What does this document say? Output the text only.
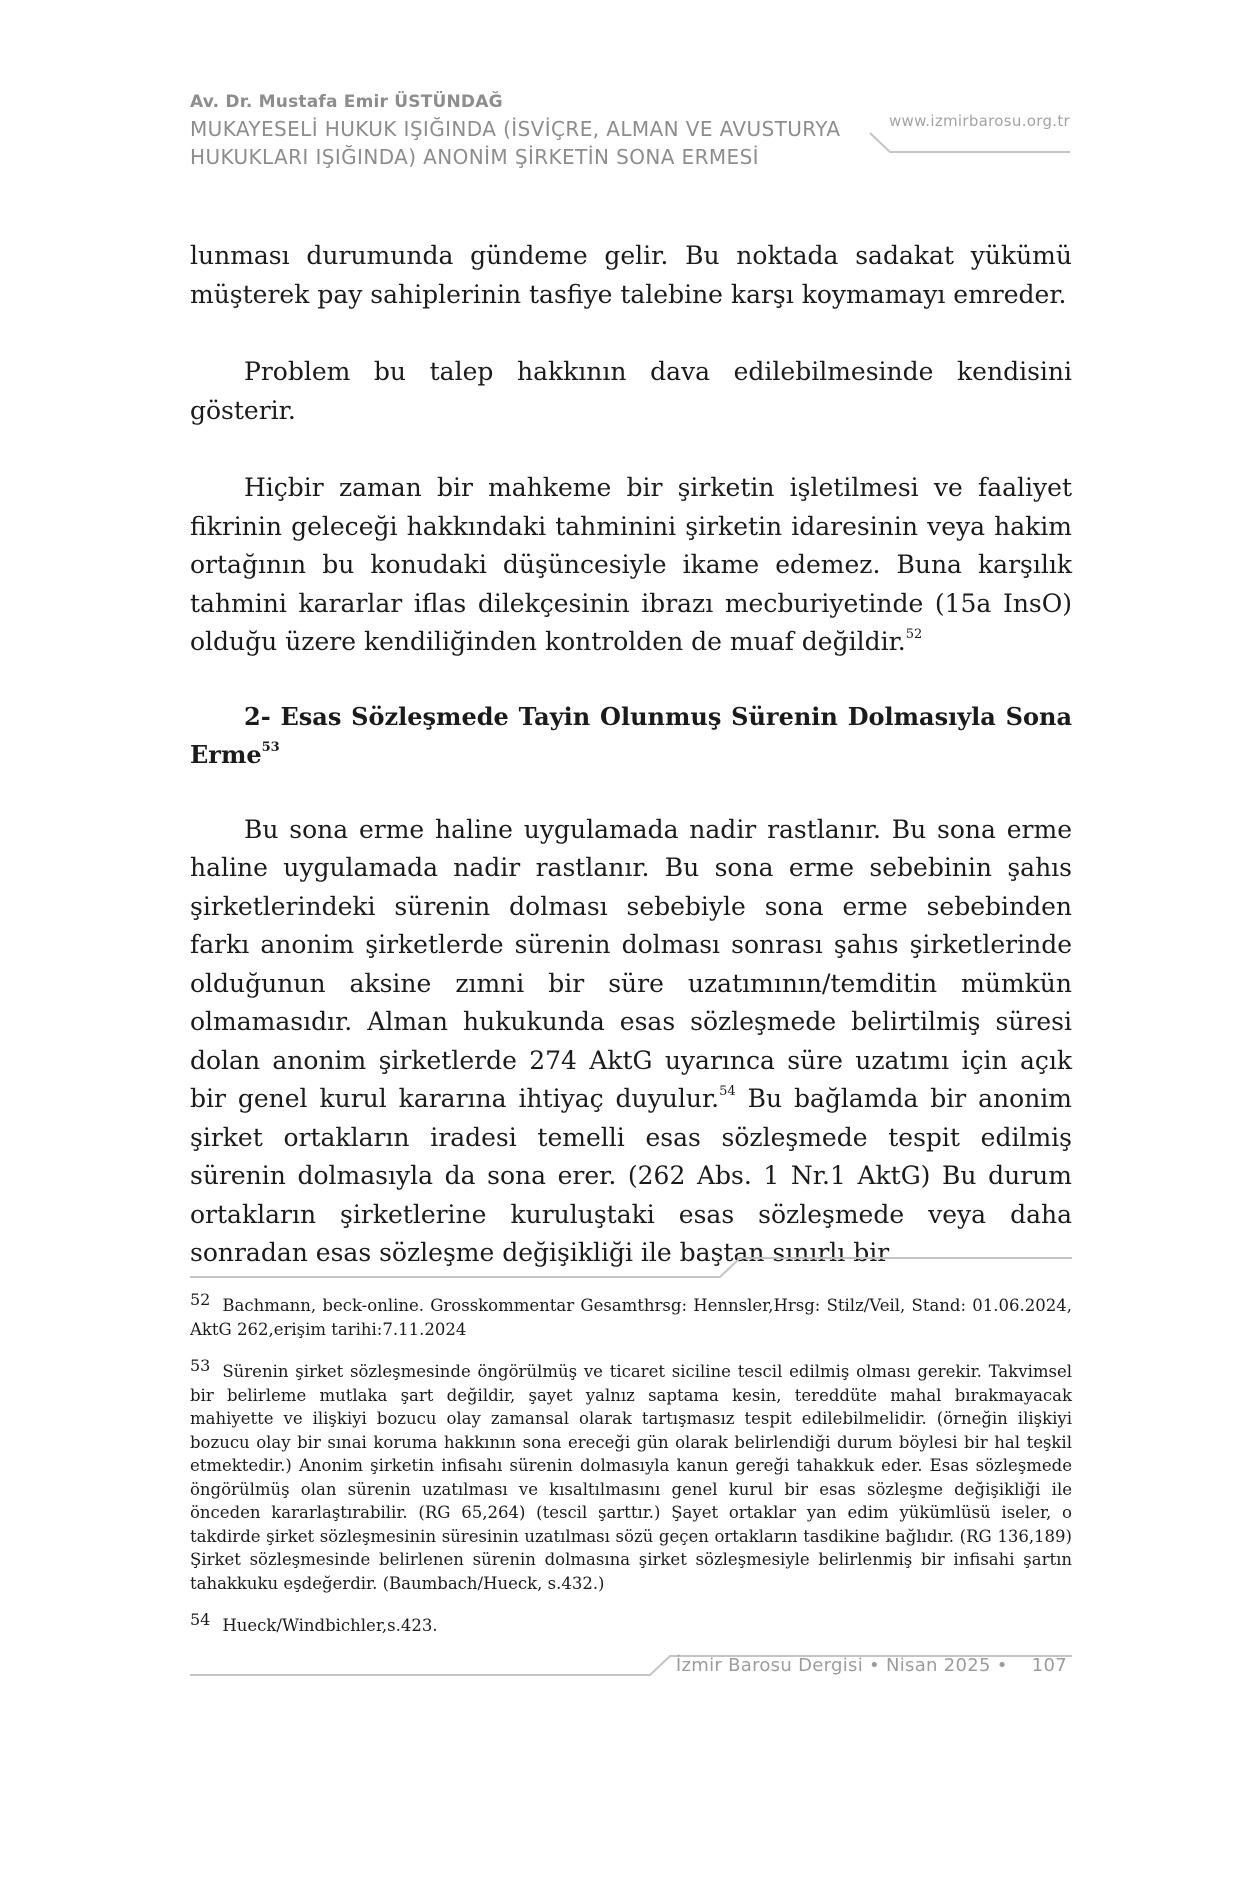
Av. Dr. Mustafa Emir ÜSTÜNDAĞ
MUKAYESELİ HUKUK IŞIĞINDA (İSVİÇRE, ALMAN VE AVUSTURYA HUKUKLARI IŞIĞINDA) ANONİM ŞİRKETİN SONA ERMESİ
www.izmirbarosu.org.tr

lunması durumunda gündeme gelir. Bu noktada sadakat yükümü müşterek pay sahiplerinin tasfiye talebine karşı koymamayı emreder.

Problem bu talep hakkının dava edilebilmesinde kendisini gösterir.

Hiçbir zaman bir mahkeme bir şirketin işletilmesi ve faaliyet fikrinin geleceği hakkındaki tahminini şirketin idaresinin veya hakim ortağının bu konudaki düşüncesiyle ikame edemez. Buna karşılık tahmini kararlar iflas dilekçesinin ibrazı mecburiyetinde (15a InsO) olduğu üzere kendiliğinden kontrolden de muaf değildir.$^{52}$

2- Esas Sözleşmede Tayin Olunmuş Sürenin Dolmasıyla Sona Erme$^{53}$

Bu sona erme haline uygulamada nadir rastlanır. Bu sona erme haline uygulamada nadir rastlanır. Bu sona erme sebebinin şahıs şirketlerindeki sürenin dolması sebebiyle sona erme sebebinden farkı anonim şirketlerde sürenin dolması sonrası şahıs şirketlerinde olduğunun aksine zımni bir süre uzatımının/temditin mümkün olmamasıdır. Alman hukukunda esas sözleşmede belirtilmiş süresi dolan anonim şirketlerde 274 AktG uyarınca süre uzatımı için açık bir genel kurul kararına ihtiyaç duyulur.$^{54}$ Bu bağlamda bir anonim şirket ortakların iradesi temelli esas sözleşmede tespit edilmiş sürenin dolmasıyla da sona erer. (262 Abs. 1 Nr.1 AktG) Bu durum ortakların şirketlerine kuruluştaki esas sözleşmede veya daha sonradan esas sözleşme değişikliği ile baştan sınırlı bir

52 Bachmann, beck-online. Grosskommentar Gesamthrsg: Hennsler,Hrsg: Stilz/Veil, Stand: 01.06.2024, AktG 262,erişim tarihi:7.11.2024

53 Sürenin şirket sözleşmesinde öngörülmüş ve ticaret siciline tescil edilmiş olması gerekir. Takvimsel bir belirleme mutlaka şart değildir, şayet yalnız saptama kesin, tereddüte mahal bırakmayacak mahiyette ve ilişkiyi bozucu olay zamansal olarak tartışmasız tespit edilebilmelidir. (örneğin ilişkiyi bozucu olay bir sınai koruma hakkının sona ereceği gün olarak belirlendiği durum böylesi bir hal teşkil etmektedir.) Anonim şirketin infisahı sürenin dolmasıyla kanun gereği tahakkuk eder. Esas sözleşmede öngörülmüş olan sürenin uzatılması ve kısaltılmasını genel kurul bir esas sözleşme değişikliği ile önceden kararlaştırabilir. (RG 65,264) (tescil şarttır.) Şayet ortaklar yan edim yükümlüsü iseler, o takdirde şirket sözleşmesinin süresinin uzatılması sözü geçen ortakların tasdikine bağlıdır. (RG 136,189) Şirket sözleşmesinde belirlenen sürenin dolmasına şirket sözleşmesiyle belirlenmiş bir infisahi şartın tahakkuku eşdeğerdir. (Baumbach/Hueck, s.432.)

54 Hueck/Windbichler,s.423.

İzmir Barosu Dergisi • Nisan 2025 • 107
